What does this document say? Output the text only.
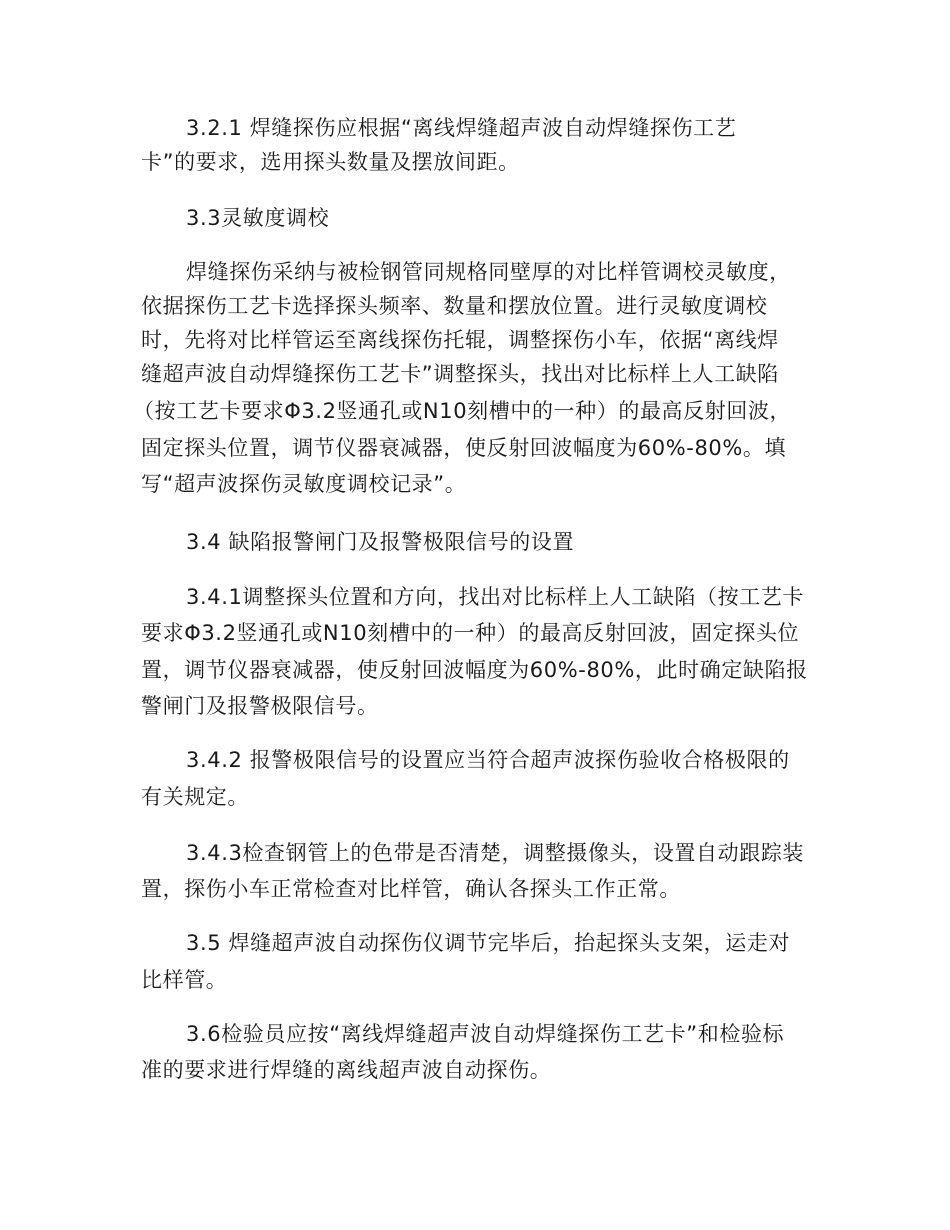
3.2.1 焊缝探伤应根据“离线焊缝超声波自动焊缝探伤工艺
卡”的要求，选用探头数量及摆放间距。
3.3灵敏度调校
焊缝探伤采纳与被检钢管同规格同壁厚的对比样管调校灵敏度，
依据探伤工艺卡选择探头频率、数量和摆放位置。进行灵敏度调校
时，先将对比样管运至离线探伤托辊，调整探伤小车，依据“离线焊
缝超声波自动焊缝探伤工艺卡”调整探头，找出对比标样上人工缺陷
（按工艺卡要求Φ3.2竖通孔或N10刻槽中的一种）的最高反射回波，
固定探头位置，调节仪器衰减器，使反射回波幅度为60%-80%。填
写“超声波探伤灵敏度调校记录”。
3.4 缺陷报警闸门及报警极限信号的设置
3.4.1调整探头位置和方向，找出对比标样上人工缺陷（按工艺卡
要求Φ3.2竖通孔或N10刻槽中的一种）的最高反射回波，固定探头位
置，调节仪器衰减器，使反射回波幅度为60%-80%，此时确定缺陷报
警闸门及报警极限信号。
3.4.2 报警极限信号的设置应当符合超声波探伤验收合格极限的
有关规定。
3.4.3检查钢管上的色带是否清楚，调整摄像头，设置自动跟踪装
置，探伤小车正常检查对比样管，确认各探头工作正常。
3.5 焊缝超声波自动探伤仪调节完毕后，抬起探头支架，运走对
比样管。
3.6检验员应按“离线焊缝超声波自动焊缝探伤工艺卡”和检验标
准的要求进行焊缝的离线超声波自动探伤。
